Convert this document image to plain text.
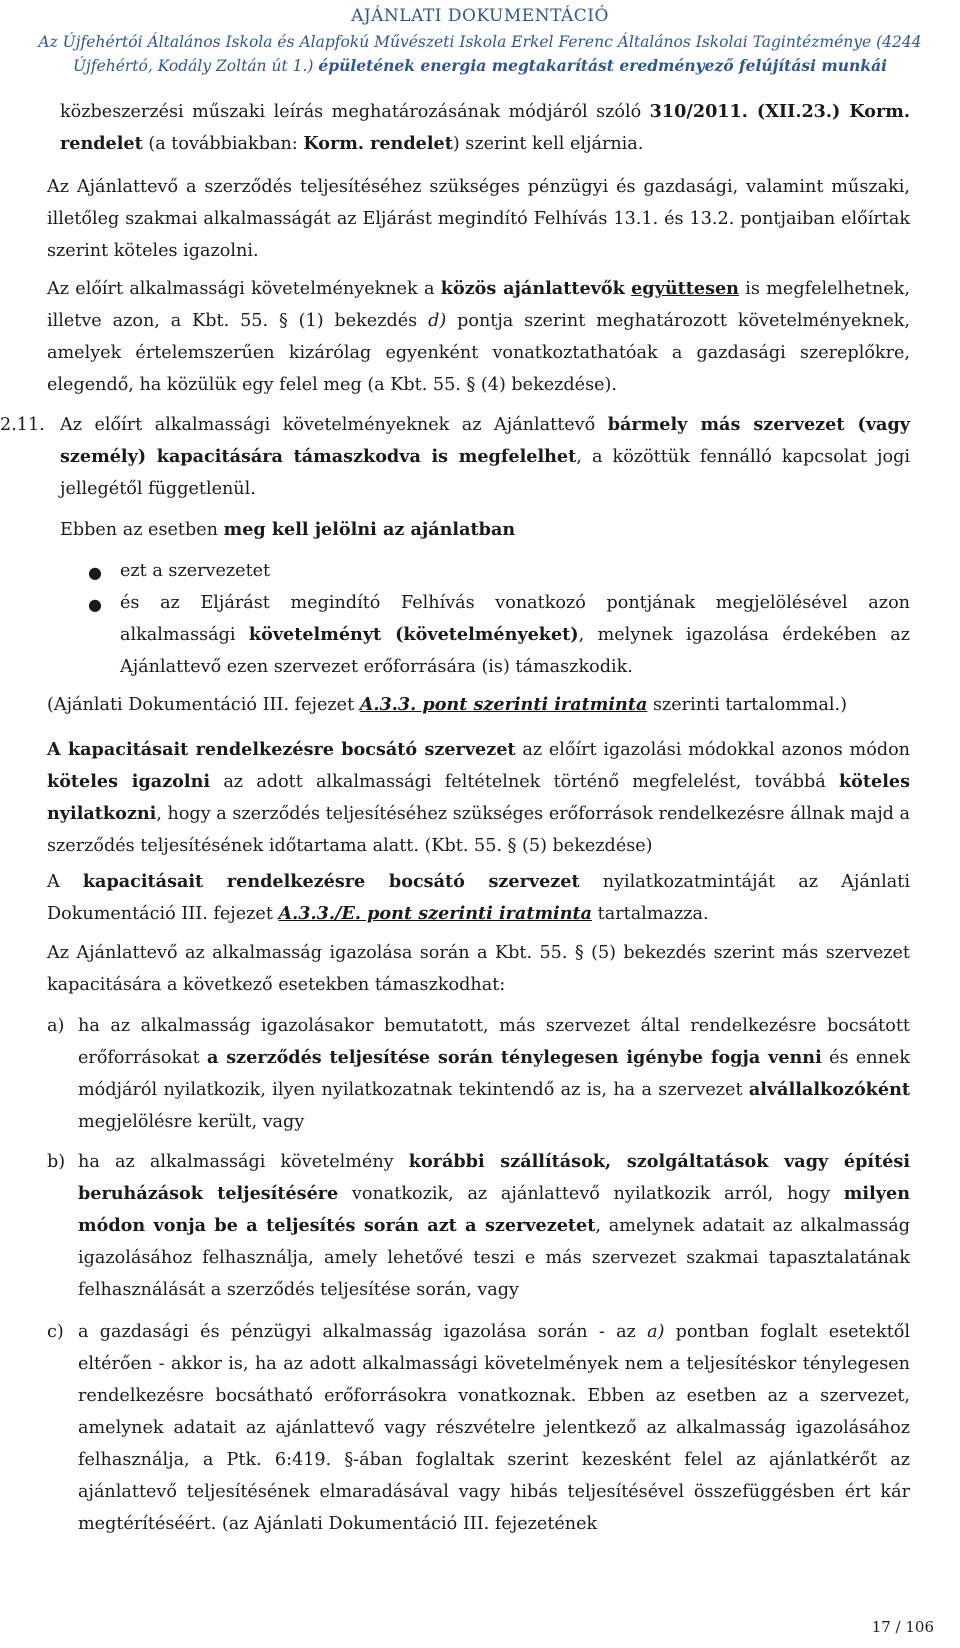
AJÁNLATI DOKUMENTÁCIÓ
Az Újfehértói Általános Iskola és Alapfokú Művészeti Iskola Erkel Ferenc Általános Iskolai Tagintézménye (4244
Újfehértó, Kodály Zoltán út 1.) épületének energia megtakarítást eredményező felújítási munkái
közbeszerzési műszaki leírás meghatározásának módjáról szóló 310/2011. (XII.23.) Korm. rendelet (a továbbiakban: Korm. rendelet) szerint kell eljárnia.
Az Ajánlattevő a szerződés teljesítéséhez szükséges pénzügyi és gazdasági, valamint műszaki, illetőleg szakmai alkalmasságát az Eljárást megindító Felhívás 13.1. és 13.2. pontjaiban előírtak szerint köteles igazolni.
Az előírt alkalmassági követelményeknek a közös ajánlattevők együttesen is megfelelhetnek, illetve azon, a Kbt. 55. § (1) bekezdés d) pontja szerint meghatározott követelményeknek, amelyek értelemszerűen kizárólag egyenként vonatkoztathatóak a gazdasági szereplőkre, elegendő, ha közülük egy felel meg (a Kbt. 55. § (4) bekezdése).
2.11. Az előírt alkalmassági követelményeknek az Ajánlattevő bármely más szervezet (vagy személy) kapacitására támaszkodva is megfelelhet, a közöttük fennálló kapcsolat jogi jellegétől függetlenül.
Ebben az esetben meg kell jelölni az ajánlatban
● ezt a szervezetet
● és az Eljárást megindító Felhívás vonatkozó pontjának megjelölésével azon alkalmassági követelményt (követelményeket), melynek igazolása érdekében az Ajánlattevő ezen szervezet erőforrására (is) támaszkodik.
(Ajánlati Dokumentáció III. fejezet A.3.3. pont szerinti iratminta szerinti tartalommal.)
A kapacitásait rendelkezésre bocsátó szervezet az előírt igazolási módokkal azonos módon köteles igazolni az adott alkalmassági feltételnek történő megfelelést, továbbá köteles nyilatkozni, hogy a szerződés teljesítéséhez szükséges erőforrások rendelkezésre állnak majd a szerződés teljesítésének időtartama alatt. (Kbt. 55. § (5) bekezdése)
A kapacitásait rendelkezésre bocsátó szervezet nyilatkozatmintáját az Ajánlati Dokumentáció III. fejezet A.3.3./E. pont szerinti iratminta tartalmazza.
Az Ajánlattevő az alkalmasság igazolása során a Kbt. 55. § (5) bekezdés szerint más szervezet kapacitására a következő esetekben támaszkodhat:
a) ha az alkalmasság igazolásakor bemutatott, más szervezet által rendelkezésre bocsátott erőforrásokat a szerződés teljesítése során ténylegesen igénybe fogja venni és ennek módjáról nyilatkozik, ilyen nyilatkozatnak tekintendő az is, ha a szervezet alvállalkozóként megjelölésre került, vagy
b) ha az alkalmassági követelmény korábbi szállítások, szolgáltatások vagy építési beruházások teljesítésére vonatkozik, az ajánlattevő nyilatkozik arról, hogy milyen módon vonja be a teljesítés során azt a szervezetet, amelynek adatait az alkalmasság igazolásához felhasználja, amely lehetővé teszi e más szervezet szakmai tapasztalatának felhasználását a szerződés teljesítése során, vagy
c) a gazdasági és pénzügyi alkalmasság igazolása során - az a) pontban foglalt esetektől eltérően - akkor is, ha az adott alkalmassági követelmények nem a teljesítéskor ténylegesen rendelkezésre bocsátható erőforrásokra vonatkoznak. Ebben az esetben az a szervezet, amelynek adatait az ajánlattevő vagy részvételre jelentkező az alkalmasság igazolásához felhasználja, a Ptk. 6:419. §-ában foglaltak szerint kezesként felel az ajánlatkérőt az ajánlattevő teljesítésének elmaradásával vagy hibás teljesítésével összefüggésben ért kár megtérítéséért. (az Ajánlati Dokumentáció III. fejezetének
17 / 106
